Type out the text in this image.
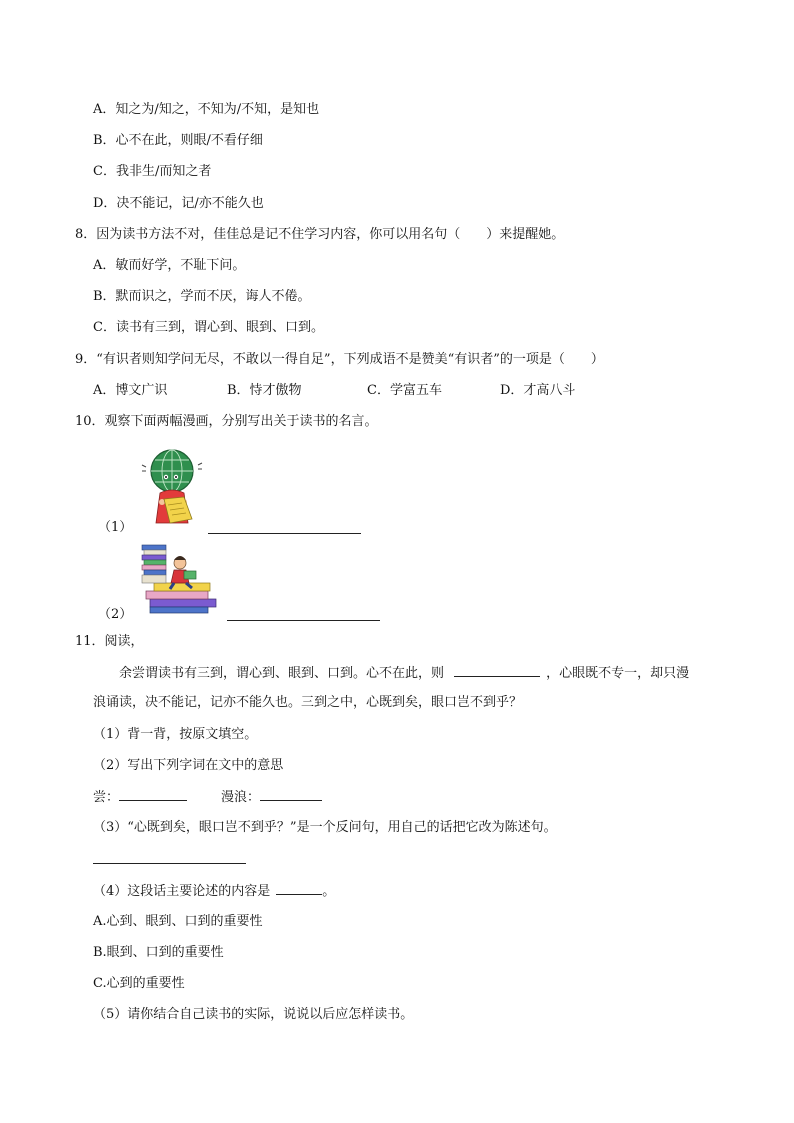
A．知之为/知之，不知为/不知，是知也
B．心不在此，则眼/不看仔细
C．我非生/而知之者
D．决不能记，记/亦不能久也
8．因为读书方法不对，佳佳总是记不住学习内容，你可以用名句（　　）来提醒她。
A．敏而好学，不耻下问。
B．默而识之，学而不厌，诲人不倦。
C．读书有三到，谓心到、眼到、口到。
9．“有识者则知学问无尽，不敢以一得自足”，下列成语不是赞美“有识者”的一项是（　　）
A．博文广识	B．恃才傲物	C．学富五车	D．才高八斗
10．观察下面两幅漫画，分别写出关于读书的名言。
（1）
（2）
11．阅读，
余尝谓读书有三到，谓心到、眼到、口到。心不在此，则	，心眼既不专一，却只漫
浪诵读，决不能记，记亦不能久也。三到之中，心既到矣，眼口岂不到乎？
（1）背一背，按原文填空。
（2）写出下列字词在文中的意思
尝：	漫浪：
（3）“心既到矣，眼口岂不到乎？”是一个反问句，用自己的话把它改为陈述句。
（4）这段话主要论述的内容是	。
A.心到、眼到、口到的重要性
B.眼到、口到的重要性
C.心到的重要性
（5）请你结合自己读书的实际，说说以后应怎样读书。
